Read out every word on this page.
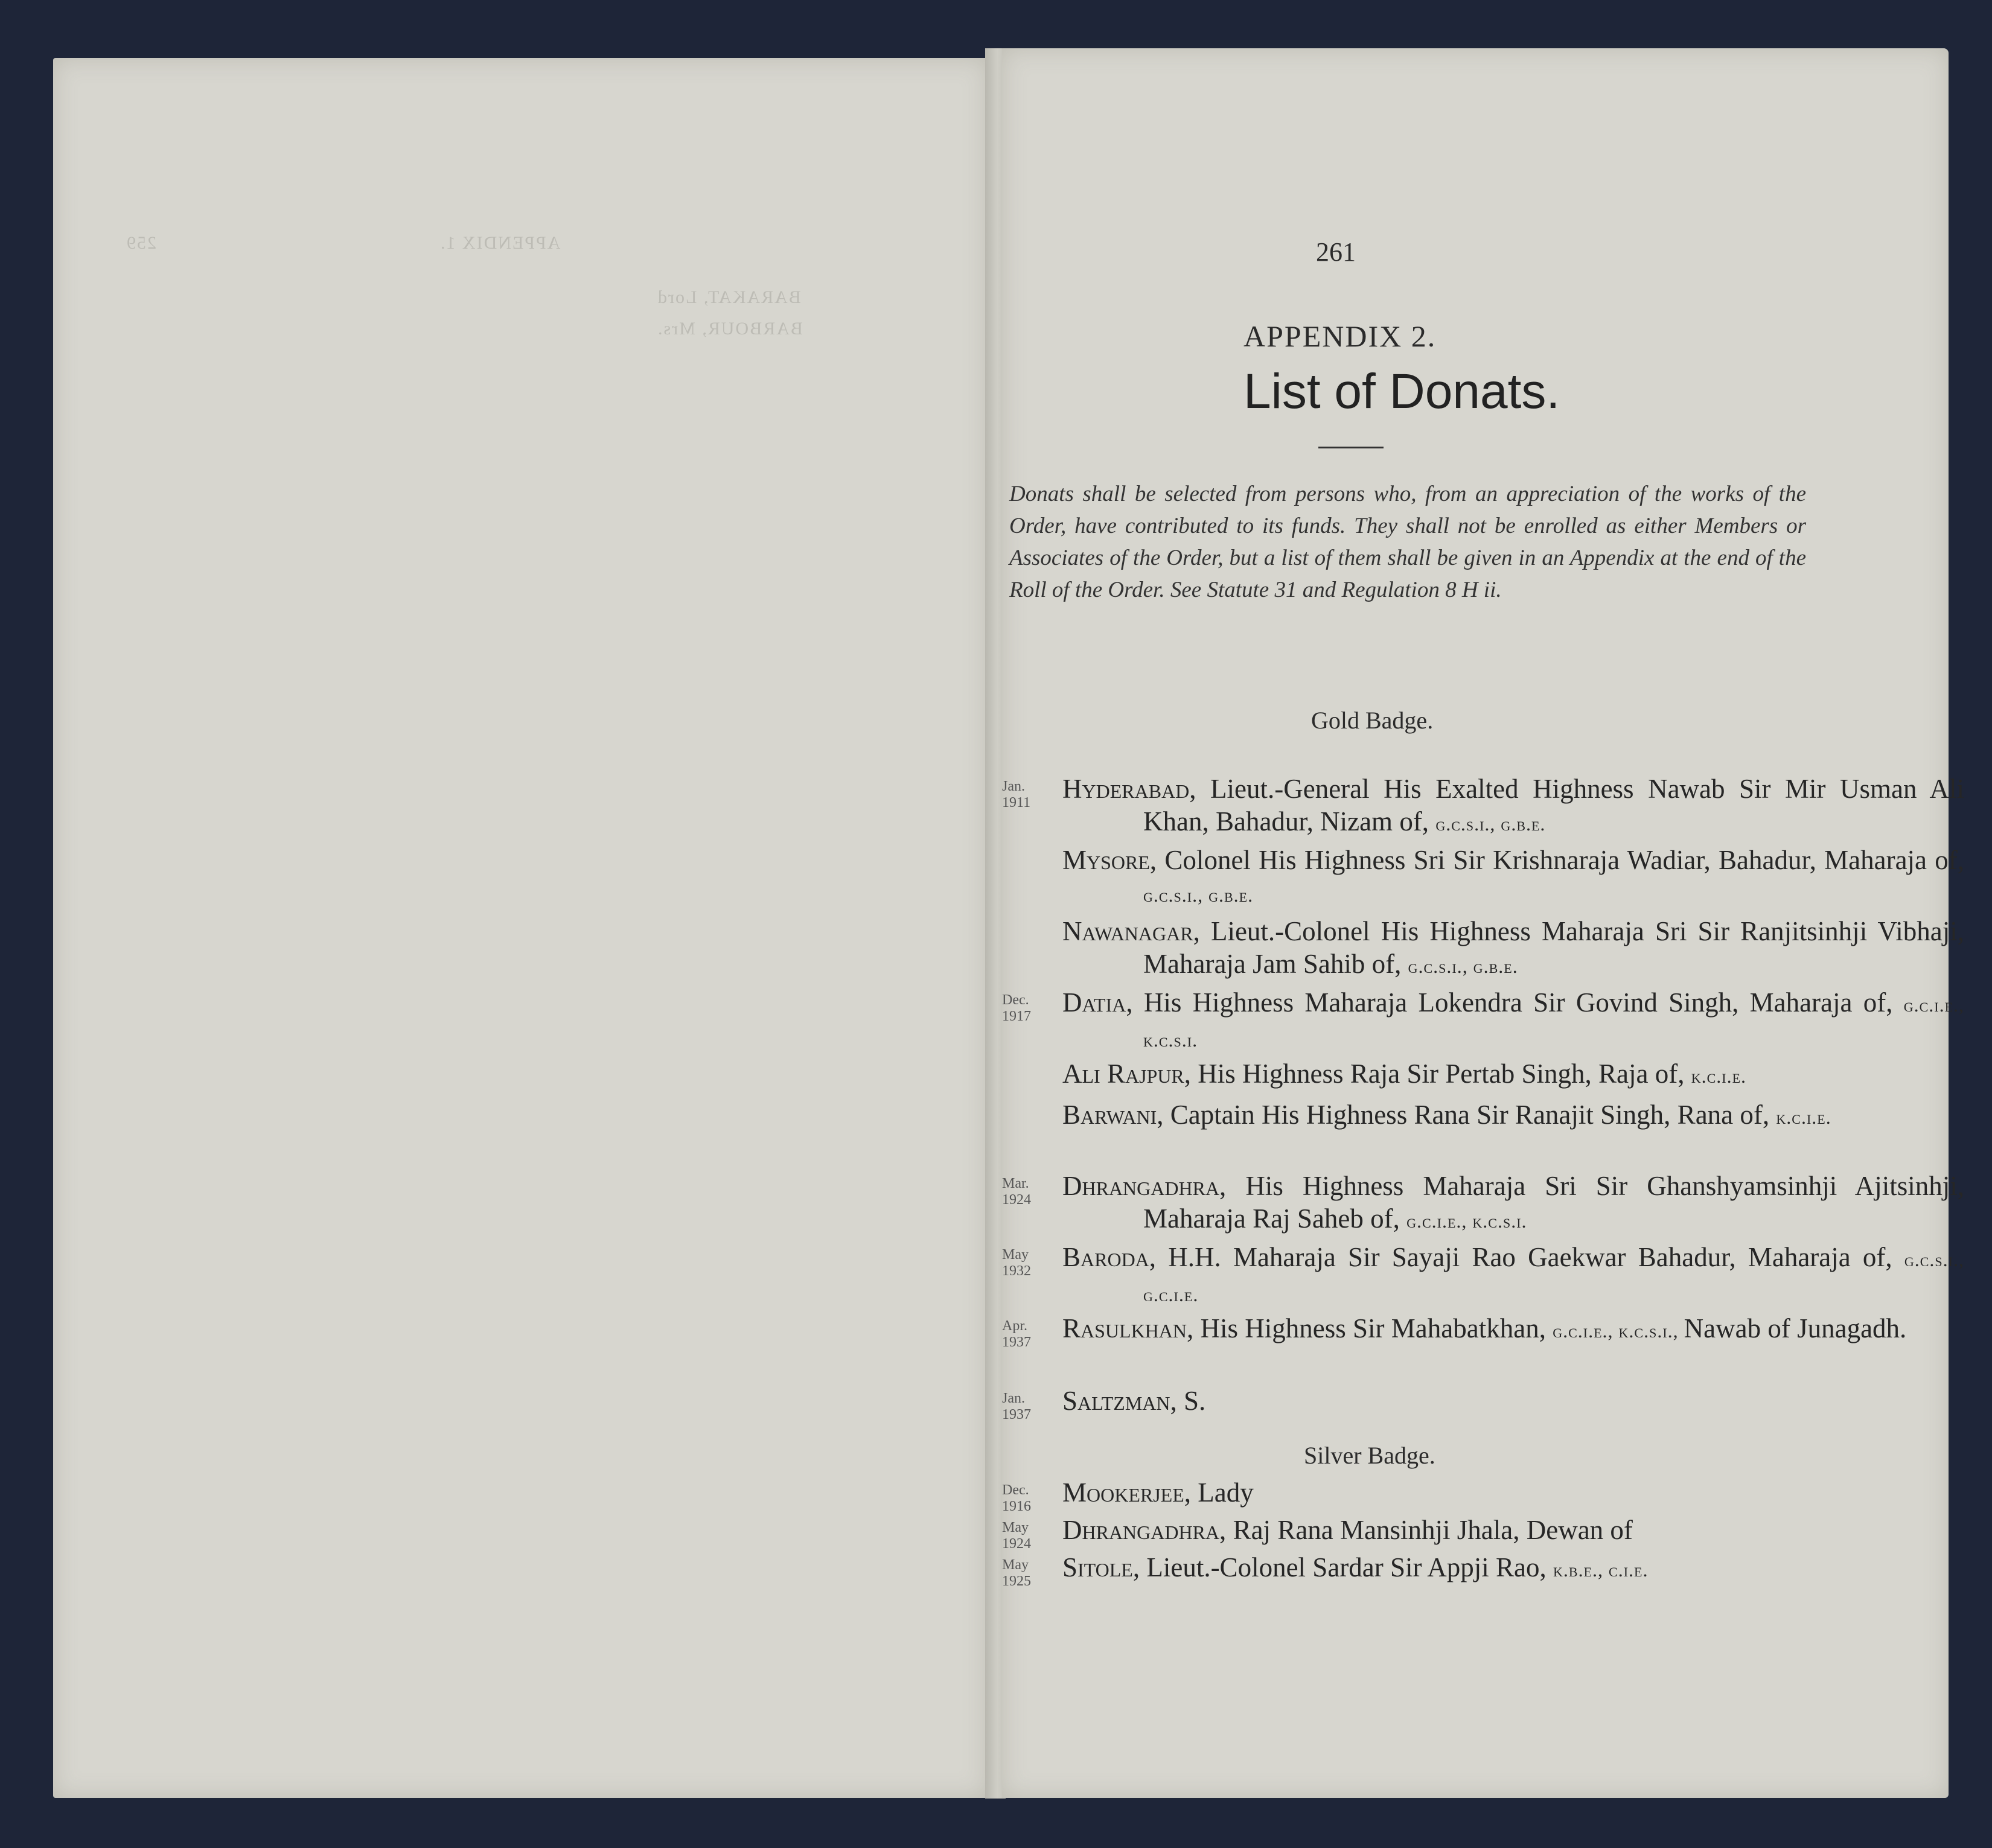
259	APPENDIX 1.
BARAKAT, Lord
BARBOUR, Mrs.
261
APPENDIX 2.
List of Donats.
Donats shall be selected from persons who, from an appreciation of the works of the Order, have contributed to its funds. They shall not be enrolled as either Members or Associates of the Order, but a list of them shall be given in an Appendix at the end of the Roll of the Order. See Statute 31 and Regulation 8 H ii.
Gold Badge.
Jan. 1911 Hyderabad, Lieut.-General His Exalted Highness Nawab Sir Mir Usman Ali Khan, Bahadur, Nizam of, g.c.s.i., g.b.e.
Mysore, Colonel His Highness Sri Sir Krishnaraja Wadiar, Bahadur, Maharaja of, g.c.s.i., g.b.e.
Nawanagar, Lieut.-Colonel His Highness Maharaja Sri Sir Ranjitsinhji Vibhaji, Maharaja Jam Sahib of, g.c.s.i., g.b.e.
Dec. 1917 Datia, His Highness Maharaja Lokendra Sir Govind Singh, Maharaja of, g.c.i.e., k.c.s.i.
Ali Rajpur, His Highness Raja Sir Pertab Singh, Raja of, k.c.i.e.
Barwani, Captain His Highness Rana Sir Ranajit Singh, Rana of, k.c.i.e.
Mar. 1924 Dhrangadhra, His Highness Maharaja Sri Sir Ghanshyamsinhji Ajitsinhji, Maharaja Raj Saheb of, g.c.i.e., k.c.s.i.
May 1932 Baroda, H.H. Maharaja Sir Sayaji Rao Gaekwar Bahadur, Maharaja of, g.c.s.i., g.c.i.e.
Apr. 1937 Rasulkhan, His Highness Sir Mahabatkhan, g.c.i.e., k.c.s.i., Nawab of Junagadh.
Jan. 1937 Saltzman, S.
Silver Badge.
Dec. 1916 Mookerjee, Lady
May 1924 Dhrangadhra, Raj Rana Mansinhji Jhala, Dewan of
May 1925 Sitole, Lieut.-Colonel Sardar Sir Appji Rao, k.b.e., c.i.e.
